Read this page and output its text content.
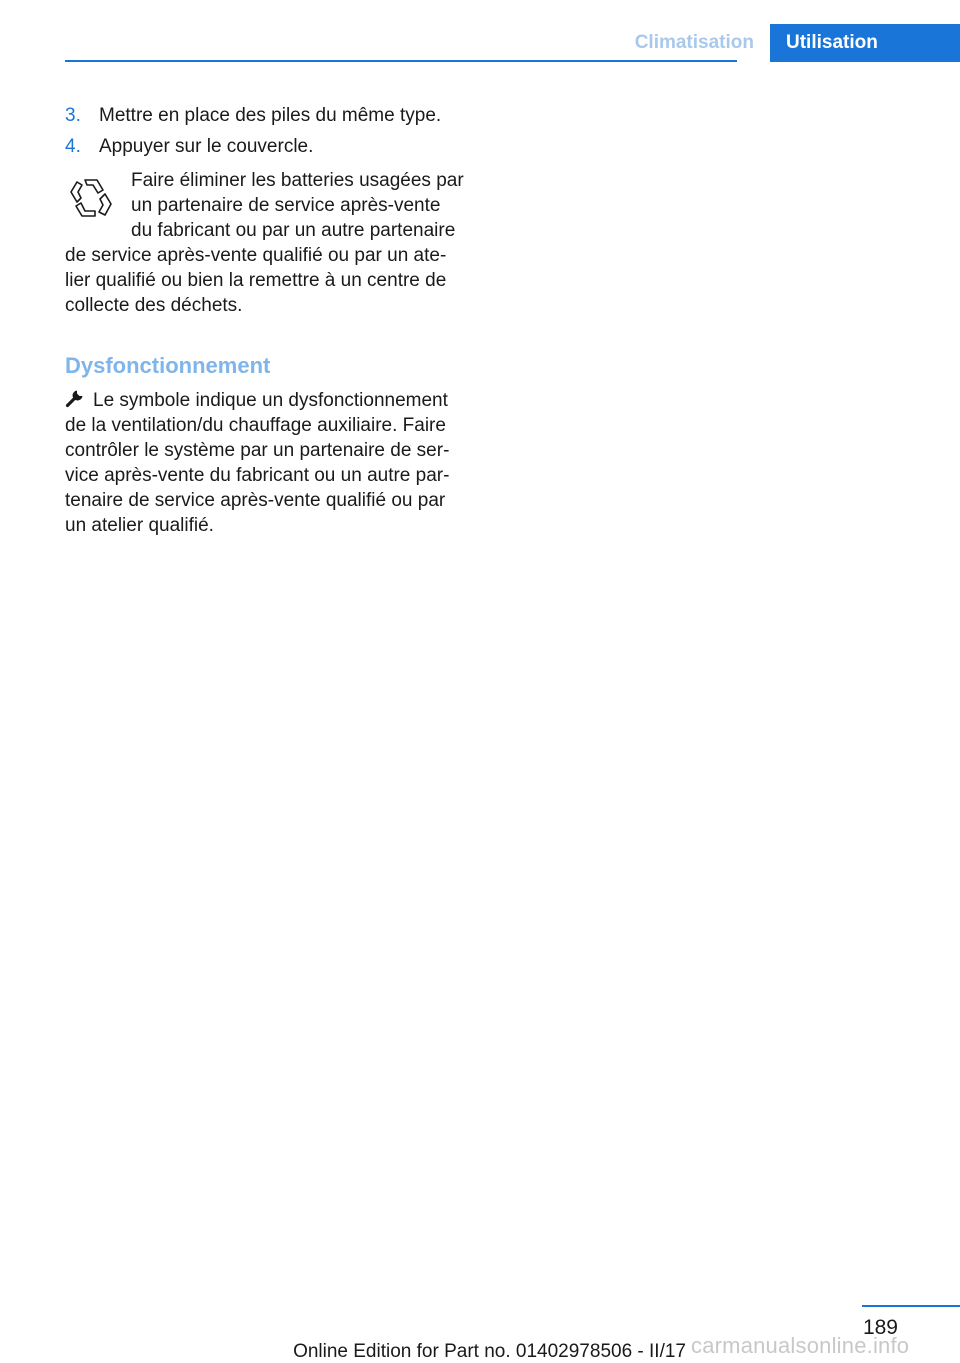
Climatisation	Utilisation
3. Mettre en place des piles du même type.
4. Appuyer sur le couvercle.
Faire éliminer les batteries usagées par
un partenaire de service après-vente
du fabricant ou par un autre partenaire
de service après-vente qualifié ou par un ate-
lier qualifié ou bien la remettre à un centre de
collecte des déchets.
Dysfonctionnement
Le symbole indique un dysfonctionnement
de la ventilation/du chauffage auxiliaire. Faire
contrôler le système par un partenaire de ser-
vice après-vente du fabricant ou un autre par-
tenaire de service après-vente qualifié ou par
un atelier qualifié.
189
carmanualsonline.info
Online Edition for Part no. 01402978506 - II/17
